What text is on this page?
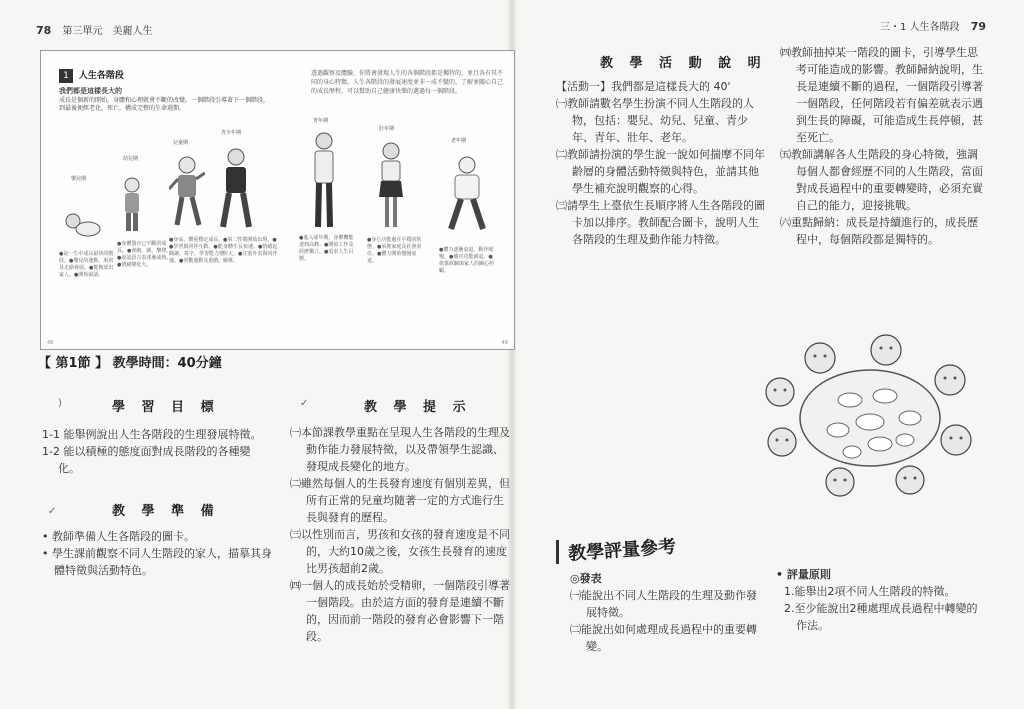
78 第三單元　美麗人生	三・1 人生各階段 79
1 人生各階段
我們都是這樣長大的
成長是個新的開始，身體和心理就會不斷的改變。一個階段引導著下一個階段，到最後便經老化、死亡，構成完整的生命週期。
透過觀察及體驗，你將會發現人生的各個階段都是獨特的，並且各有其不同的身心特徵。人生各階段的發展速度並非一成不變的，了解並關心自己的成長歷程，可以幫助自己健康快樂的邁過每一個階段。
嬰兒期
幼兒期
兒童期
青少年期
青年期
壯年期
老年期
●是一生中成長最快的階段。●嬰兒的運動、肌肉及走路發展。●能夠認出家人。●開始說話。
●身體器官已不斷的成長。●會跑、跳、攀爬。●說話語言表達漸成熟。●情緒變化大。
●身高、體重穩定成長。●學習與同伴互動。●能閱讀、寫字，學習能力增強。●喜歡運動及遊戲。
●第二性徵開始出現。●身體生長快速。●情緒起伏大。●注重外表與同伴關係。
●進入成年期，身體機能達到高峰。●開始工作及經濟獨立。●追求人生目標。
●身心功能處在平穩的狀態。●承擔家庭及社會責任。●體力開始慢慢衰退。
●體力逐漸衰退，動作緩慢。●感官功能減退。●依靠經驗與家人的關心照顧。
48	49
【 第1節 】 教學時間：40分鐘
)	學 習 目 標

1-1 能舉例說出人生各階段的生理發展特徵。

1-2 能以積極的態度面對成長階段的各種變化。

✓	教 學 準 備

• 教師準備人生各階段的圖卡。

• 學生課前觀察不同人生階段的家人，描摹其身體特徵與活動特色。

✓	教 學 提 示

㈠本節課教學重點在呈現人生各階段的生理及動作能力發展特徵，以及帶領學生認識、發現成長變化的地方。

㈡雖然每個人的生長發育速度有個別差異，但所有正常的兒童均隨著一定的方式進行生長與發育的歷程。

㈢以性別而言，男孩和女孩的發育速度是不同的，大約10歲之後，女孩生長發育的速度比男孩超前2歲。

㈣一個人的成長始於受精卵，一個階段引導著一個階段。由於這方面的發育是連續不斷的，因而前一階段的發育必會影響下一階段。

教 學 活 動 說 明

【活動一】我們都是這樣長大的 40'

㈠教師請數名學生扮演不同人生階段的人物，包括：嬰兒、幼兒、兒童、青少年、青年、壯年、老年。

㈡教師請扮演的學生說一說如何揣摩不同年齡層的身體活動特徵與特色，並請其他學生補充說明觀察的心得。

㈢請學生上臺依生長順序將人生各階段的圖卡加以排序。教師配合圖卡，說明人生各階段的生理及動作能力特徵。

㈣教師抽掉某一階段的圖卡，引導學生思考可能造成的影響。教師歸納說明，生長是連續不斷的過程，一個階段引導著一個階段，任何階段若有偏差就表示遇到生長的障礙，可能造成生長停頓，甚至死亡。

㈤教師講解各人生階段的身心特徵，強調每個人都會經歷不同的人生階段，當面對成長過程中的重要轉變時，必須充實自己的能力，迎接挑戰。

㈥重點歸納：成長是持續進行的，成長歷程中，每個階段都是獨特的。

教學評量參考

◎發表

㈠能說出不同人生階段的生理及動作發展特徵。

㈡能說出如何處理成長過程中的重要轉變。

• 評量原則

1.能舉出2項不同人生階段的特徵。

2.至少能說出2種處理成長過程中轉變的作法。
